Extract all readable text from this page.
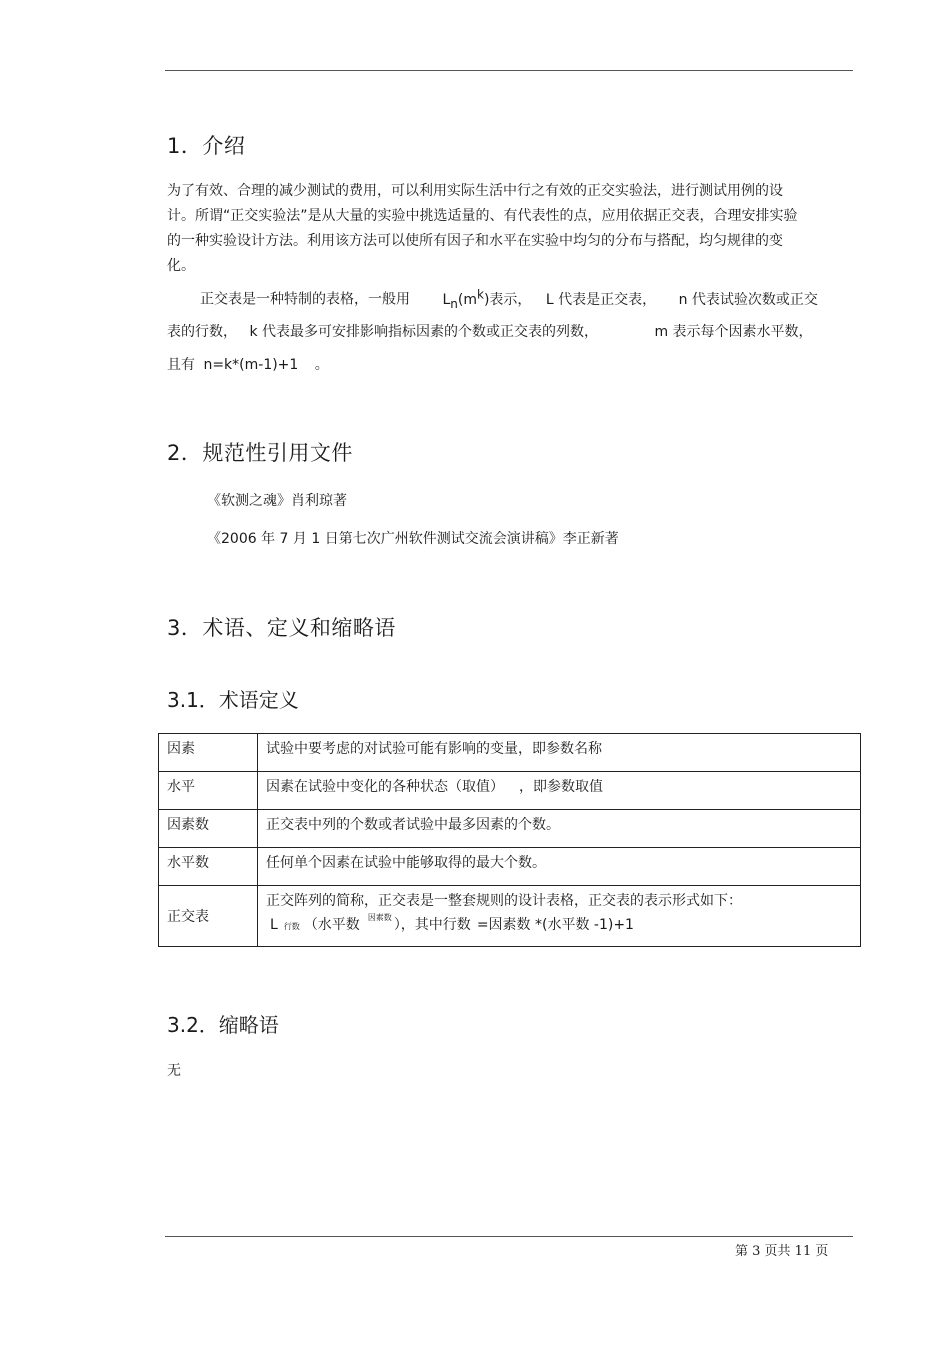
1．介绍
为了有效、合理的减少测试的费用，可以利用实际生活中行之有效的正交实验法，进行测试用例的设计。所谓“正交实验法”是从大量的实验中挑选适量的、有代表性的点，应用依据正交表，合理安排实验的一种实验设计方法。利用该方法可以使所有因子和水平在实验中均匀的分布与搭配，均匀规律的变化。
正交表是一种特制的表格，一般用 $L_n(m^k)$表示， L 代表是正交表， n 代表试验次数或正交
表的行数， k 代表最多可安排影响指标因素的个数或正交表的列数，	m 表示每个因素水平数，
且有 n=k*(m-1)+1 。
2．规范性引用文件
《软测之魂》肖利琼著
《2006 年 7 月 1 日第七次广州软件测试交流会演讲稿》李正新著
3．术语、定义和缩略语
3.1．术语定义
因素	试验中要考虑的对试验可能有影响的变量，即参数名称
水平	因素在试验中变化的各种状态（取值） ，即参数取值
因素数	正交表中列的个数或者试验中最多因素的个数。
水平数	任何单个因素在试验中能够取得的最大个数。
正交表	正交阵列的简称，正交表是一整套规则的设计表格，正交表的表示形式如下：
L行数 （水平数 $^{因素数}$ ），其中行数 =因素数 *(水平数 -1)+1
3.2．缩略语
无
第 3 页共 11 页
